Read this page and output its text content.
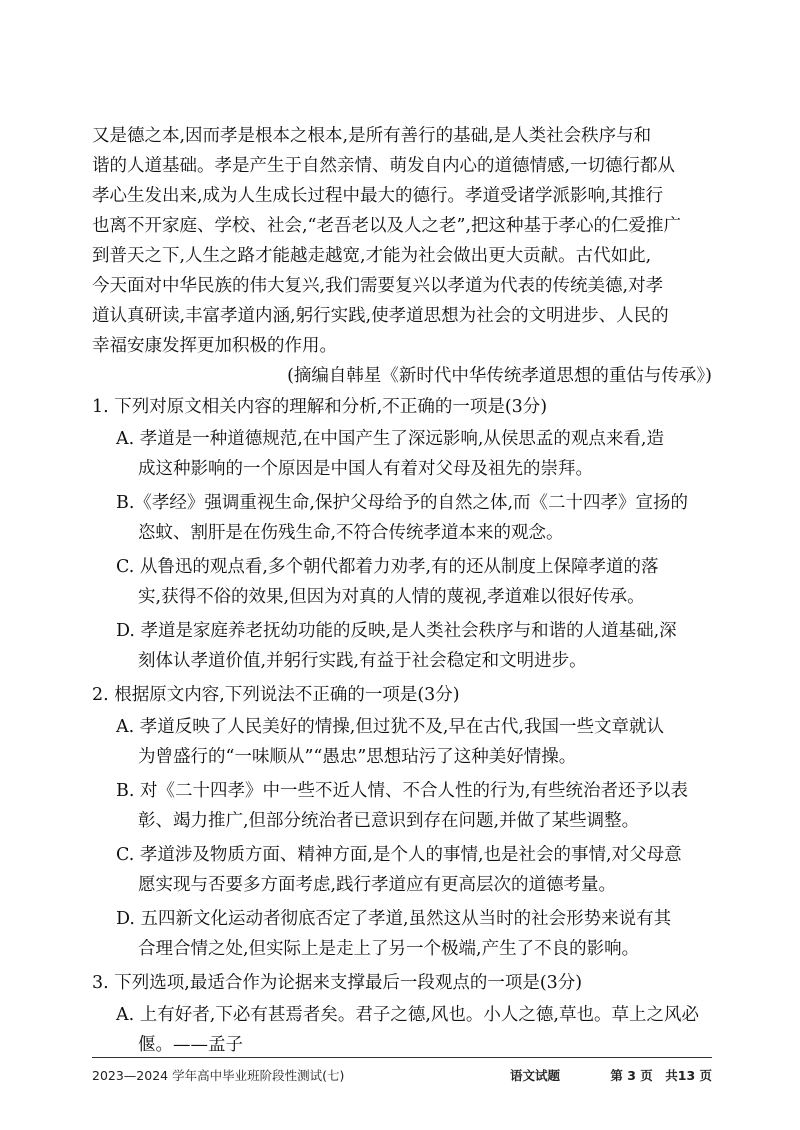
又是德之本,因而孝是根本之根本,是所有善行的基础,是人类社会秩序与和
谐的人道基础。孝是产生于自然亲情、萌发自内心的道德情感,一切德行都从
孝心生发出来,成为人生成长过程中最大的德行。孝道受诸学派影响,其推行
也离不开家庭、学校、社会,“老吾老以及人之老”,把这种基于孝心的仁爱推广
到普天之下,人生之路才能越走越宽,才能为社会做出更大贡献。古代如此,
今天面对中华民族的伟大复兴,我们需要复兴以孝道为代表的传统美德,对孝
道认真研读,丰富孝道内涵,躬行实践,使孝道思想为社会的文明进步、人民的
幸福安康发挥更加积极的作用。
(摘编自韩星《新时代中华传统孝道思想的重估与传承》)
1. 下列对原文相关内容的理解和分析,不正确的一项是(3分)
A. 孝道是一种道德规范,在中国产生了深远影响,从侯思孟的观点来看,造
成这种影响的一个原因是中国人有着对父母及祖先的崇拜。
B.《孝经》强调重视生命,保护父母给予的自然之体,而《二十四孝》宣扬的
恣蚊、割肝是在伤残生命,不符合传统孝道本来的观念。
C. 从鲁迅的观点看,多个朝代都着力劝孝,有的还从制度上保障孝道的落
实,获得不俗的效果,但因为对真的人情的蔑视,孝道难以很好传承。
D. 孝道是家庭养老抚幼功能的反映,是人类社会秩序与和谐的人道基础,深
刻体认孝道价值,并躬行实践,有益于社会稳定和文明进步。
2. 根据原文内容,下列说法不正确的一项是(3分)
A. 孝道反映了人民美好的情操,但过犹不及,早在古代,我国一些文章就认
为曾盛行的“一味顺从”“愚忠”思想玷污了这种美好情操。
B. 对《二十四孝》中一些不近人情、不合人性的行为,有些统治者还予以表
彰、竭力推广,但部分统治者已意识到存在问题,并做了某些调整。
C. 孝道涉及物质方面、精神方面,是个人的事情,也是社会的事情,对父母意
愿实现与否要多方面考虑,践行孝道应有更高层次的道德考量。
D. 五四新文化运动者彻底否定了孝道,虽然这从当时的社会形势来说有其
合理合情之处,但实际上是走上了另一个极端,产生了不良的影响。
3. 下列选项,最适合作为论据来支撑最后一段观点的一项是(3分)
A. 上有好者,下必有甚焉者矣。君子之德,风也。小人之德,草也。草上之风必
偃。——孟子
2023—2024 学年高中毕业班阶段性测试(七)	语文试题	第 3 页　共13 页
